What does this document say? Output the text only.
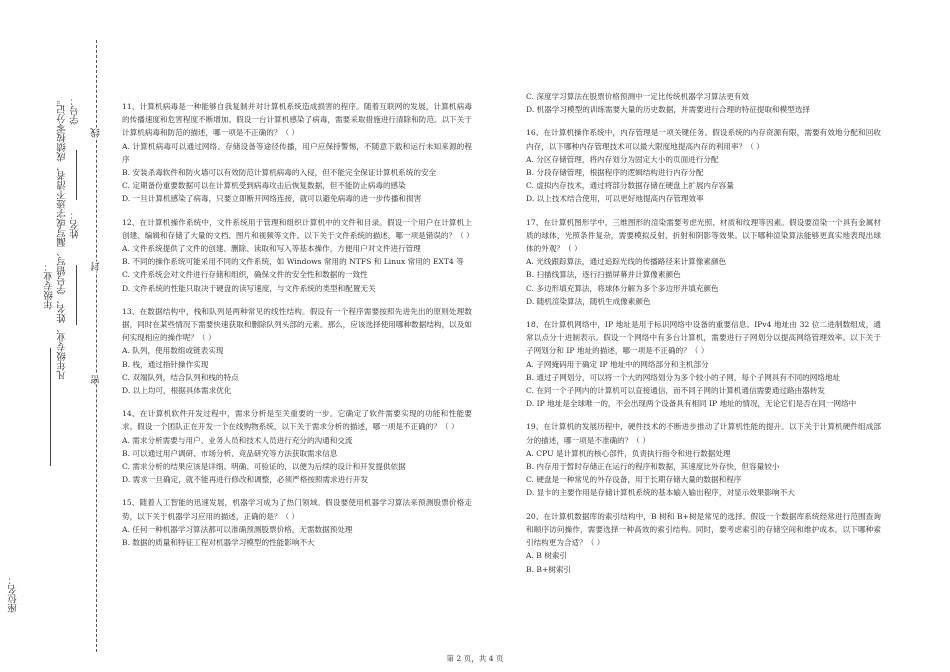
座位名：
年级专业： 凡年级专业、姓名、学号错写、漏写或字迹不清者，成绩按零分记。 姓名：
学号：
密
封
线

11、计算机病毒是一种能够自我复制并对计算机系统造成损害的程序。随着互联网的发展，计算机病毒的传播速度和危害程度不断增加。假设一台计算机感染了病毒，需要采取措施进行清除和防范。以下关于计算机病毒和防范的描述，哪一项是不正确的？（ ）

A. 计算机病毒可以通过网络、存储设备等途径传播，用户应保持警惕，不随意下载和运行未知来源的程序

B. 安装杀毒软件和防火墙可以有效防范计算机病毒的入侵，但不能完全保证计算机系统的安全

C. 定期备份重要数据可以在计算机受到病毒攻击后恢复数据，但不能防止病毒的感染

D. 一旦计算机感染了病毒，只要立即断开网络连接，就可以避免病毒的进一步传播和损害

12、在计算机操作系统中，文件系统用于管理和组织计算机中的文件和目录。假设一个用户在计算机上创建、编辑和存储了大量的文档、图片和视频等文件。以下关于文件系统的描述，哪一项是错误的？（ ）

A. 文件系统提供了文件的创建、删除、读取和写入等基本操作，方便用户对文件进行管理

B. 不同的操作系统可能采用不同的文件系统，如 Windows 常用的 NTFS 和 Linux 常用的 EXT4 等

C. 文件系统会对文件进行存储和组织，确保文件的安全性和数据的一致性

D. 文件系统的性能只取决于硬盘的读写速度，与文件系统的类型和配置无关

13、在数据结构中，栈和队列是两种常见的线性结构。假设有一个程序需要按照先进先出的原则处理数据，同时在某些情况下需要快速获取和删除队列头部的元素。那么，应该选择使用哪种数据结构，以及如何实现相应的操作呢？（ ）

A. 队列，使用数组或链表实现

B. 栈，通过指针操作实现

C. 双端队列，结合队列和栈的特点

D. 以上均可，根据具体需求优化

14、在计算机软件开发过程中，需求分析是至关重要的一步。它确定了软件需要实现的功能和性能要求。假设一个团队正在开发一个在线购物系统，以下关于需求分析的描述，哪一项是不正确的？（ ）

A. 需求分析需要与用户、业务人员和技术人员进行充分的沟通和交流

B. 可以通过用户调研、市场分析、竞品研究等方法获取需求信息

C. 需求分析的结果应该是详细、明确、可验证的，以便为后续的设计和开发提供依据

D. 需求一旦确定，就不能再进行修改和调整，必须严格按照需求进行开发

15、随着人工智能的迅速发展，机器学习成为了热门领域。假设要使用机器学习算法来预测股票价格走势，以下关于机器学习应用的描述，正确的是？（ ）

A. 任何一种机器学习算法都可以准确预测股票价格，无需数据预处理

B. 数据的质量和特征工程对机器学习模型的性能影响不大

C. 深度学习算法在股票价格预测中一定比传统机器学习算法更有效

D. 机器学习模型的训练需要大量的历史数据，并需要进行合理的特征提取和模型选择

16、在计算机操作系统中，内存管理是一项关键任务。假设系统的内存资源有限，需要有效地分配和回收内存，以下哪种内存管理技术可以最大限度地提高内存的利用率？（ ）

A. 分区存储管理，将内存划分为固定大小的页面进行分配

B. 分段存储管理，根据程序的逻辑结构进行内存分配

C. 虚拟内存技术，通过将部分数据存储在硬盘上扩展内存容量

D. 以上技术结合使用，可以更好地提高内存管理效率

17、在计算机图形学中，三维图形的渲染需要考虑光照、材质和纹理等因素。假设要渲染一个具有金属材质的球体，光照条件复杂，需要模拟反射、折射和阴影等效果。以下哪种渲染算法能够更真实地表现出球体的外观？（ ）

A. 光线跟踪算法，通过追踪光线的传播路径来计算像素颜色

B. 扫描线算法，逐行扫描屏幕并计算像素颜色

C. 多边形填充算法，将球体分解为多个多边形并填充颜色

D. 随机渲染算法，随机生成像素颜色

18、在计算机网络中，IP 地址是用于标识网络中设备的重要信息。IPv4 地址由 32 位二进制数组成，通常以点分十进制表示。假设一个网络中有多台计算机，需要进行子网划分以提高网络管理效率。以下关于子网划分和 IP 地址的描述，哪一项是不正确的？（ ）

A. 子网掩码用于确定 IP 地址中的网络部分和主机部分

B. 通过子网划分，可以将一个大的网络划分为多个较小的子网，每个子网具有不同的网络地址

C. 在同一个子网内的计算机可以直接通信，而不同子网的计算机通信需要通过路由器转发

D. IP 地址是全球唯一的，不会出现两个设备具有相同 IP 地址的情况，无论它们是否在同一网络中

19、在计算机的发展历程中，硬件技术的不断进步推动了计算机性能的提升。以下关于计算机硬件组成部分的描述，哪一项是不准确的？（ ）

A. CPU 是计算机的核心部件，负责执行指令和进行数据处理

B. 内存用于暂时存储正在运行的程序和数据，其速度比外存快，但容量较小

C. 硬盘是一种常见的外存设备，用于长期存储大量的数据和程序

D. 显卡的主要作用是存储计算机系统的基本输入输出程序，对显示效果影响不大

20、在计算机数据库的索引结构中，B 树和 B+树是常见的选择。假设一个数据库系统经常进行范围查询和顺序访问操作，需要选择一种高效的索引结构。同时，要考虑索引的存储空间和维护成本。以下哪种索引结构更为合适？（ ）

A. B 树索引

B. B+树索引

第 2 页，共 4 页
